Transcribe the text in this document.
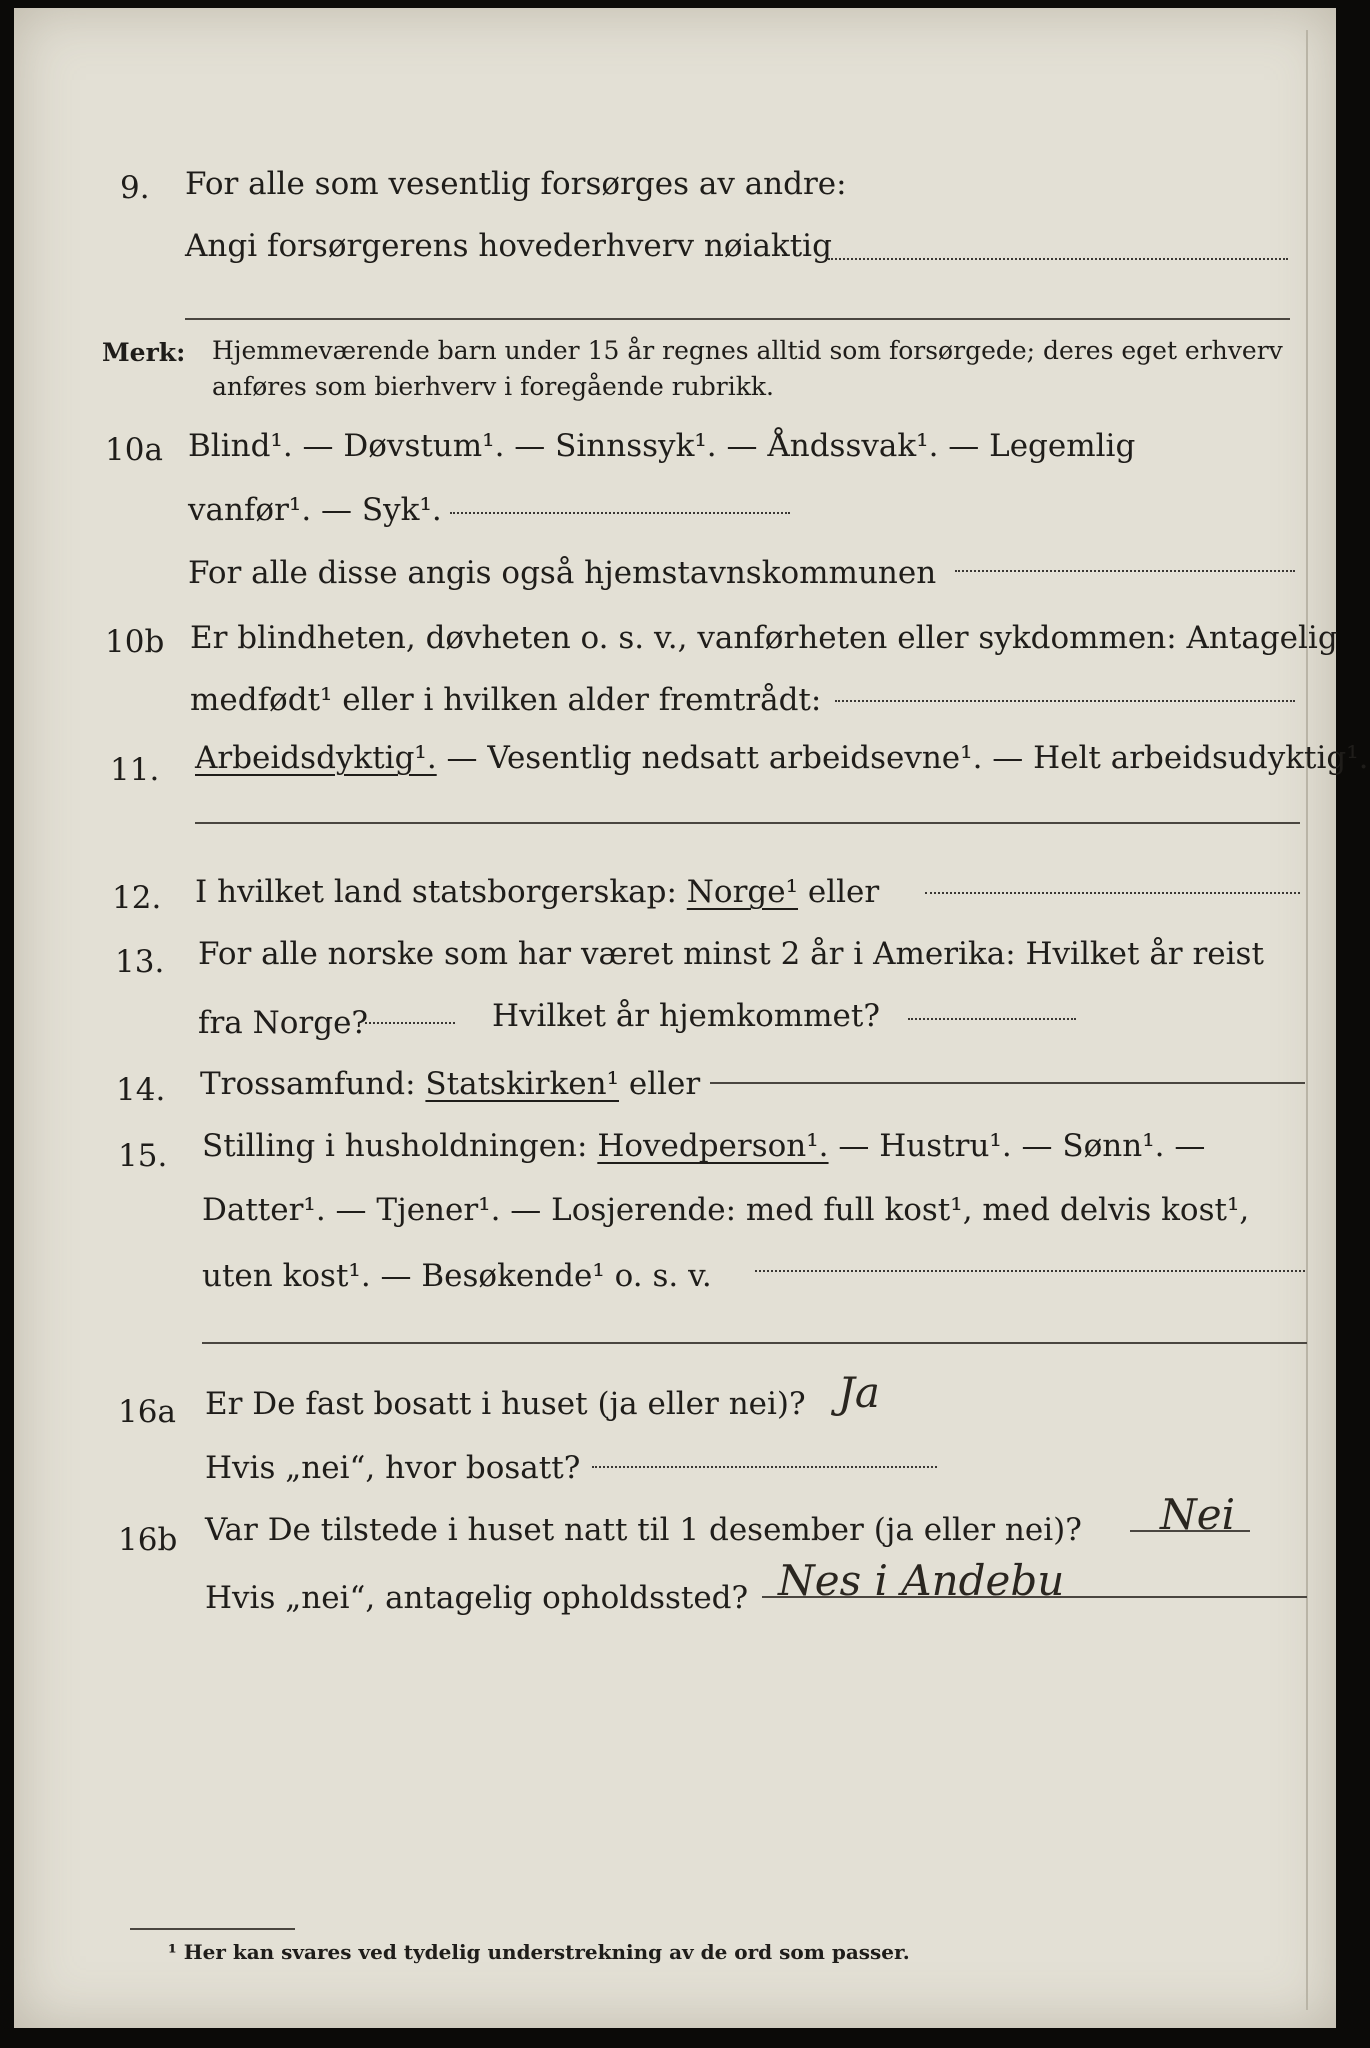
9. For alle som vesentlig forsørges av andre:
Angi forsørgerens hovederhverv nøiaktig
Merk: Hjemmeværende barn under 15 år regnes alltid som forsørgede; deres eget erhverv
anføres som bierhverv i foregående rubrikk.
10a Blind¹. — Døvstum¹. — Sinnssyk¹. — Åndssvak¹. — Legemlig
vanfør¹. — Syk¹.
For alle disse angis også hjemstavnskommunen
10b Er blindheten, døvheten o. s. v., vanførheten eller sykdommen: Antagelig
medfødt¹ eller i hvilken alder fremtrådt:
11. Arbeidsdyktig¹. — Vesentlig nedsatt arbeidsevne¹. — Helt arbeidsudyktig¹.
12. I hvilket land statsborgerskap: Norge¹ eller
13. For alle norske som har været minst 2 år i Amerika: Hvilket år reist
fra Norge?	Hvilket år hjemkommet?
14. Trossamfund: Statskirken¹ eller
15. Stilling i husholdningen: Hovedperson¹. — Hustru¹. — Sønn¹. —
Datter¹. — Tjener¹. — Losjerende: med full kost¹, med delvis kost¹,
uten kost¹. — Besøkende¹ o. s. v.
16a Er De fast bosatt i huset (ja eller nei)? Ja
Hvis „nei“, hvor bosatt?
16b Var De tilstede i huset natt til 1 desember (ja eller nei)? Nei
Hvis „nei“, antagelig opholdssted? Nes i Andebu
¹ Her kan svares ved tydelig understrekning av de ord som passer.
